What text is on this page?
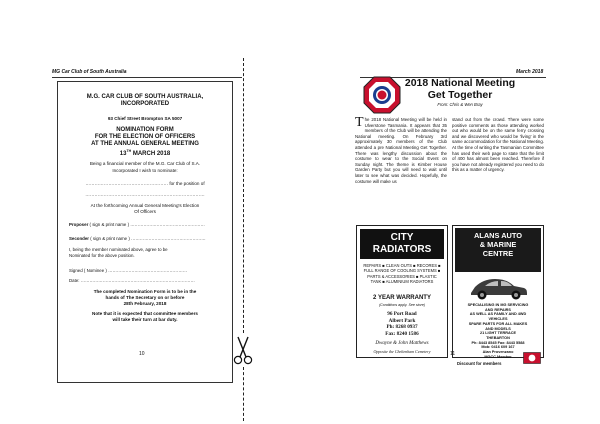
MG Car Club of South Australia
M.G. CAR CLUB OF SOUTH AUSTRALIA,
INCORPORATED
93 Chief Street Brompton SA 5007
NOMINATION FORM
FOR THE ELECTION OF OFFICERS
AT THE ANNUAL GENERAL MEETING
13TH MARCH 2018
Being a financial member of the M.G. Car Club of S.A.
Incorporated I wish to nominate:
……………………………………………… for the position of
……………………………………………………………………
At the forthcoming Annual General Meeting's Election
Of Officers
Proposer ( sign & print name ) ……………………………………………
Seconder ( sign & print name ) ……………………………………………
I, being the member nominated above, agree to be
Nominated for the above position.
Signed ( Nominee ) ………………………………………………
Date: ……………………………………………………………………
The completed Nomination Form is to be in the
hands of The Secretary on or before
28th February, 2018
Note that it is expected that committee members
will take their turn at bar duty.
10
March 2018
2018 National Meeting
Get Together
From: Chris & Wen Bray
T he 2018 National Meeting will be held in Ulverstone Tasmania. It appears that 35 members of the Club will be attending the National meeting. On February 3rd approximately 30 members of the Club attended a pre National Meeting Get Together. There was lengthy discussion about the costume to wear to the Social Event on Sunday night. The theme is Kimber House Garden Party but you will need to wait until later to see what was decided. Hopefully, the costume will make us
stand out from the crowd. There were some positive comments as those attending worked out who would be on the same ferry crossing and we discovered who would be 'living' in the same accommodation for the National Meeting. At the time of writing the Tasmanian Committee has used their web page to state that the limit of 400 has almost been reached. Therefore if you have not already registered you need to do this as a matter of urgency.
CITY
RADIATORS
REPAIRS ■ CLEAN OUTS ■ RECORES ■ FULL RANGE OF COOLING SYSTEMS ■ PARTS & ACCESSORIES ■ PLASTIC TANK ■ ALUMINIUM RADIATORS
2 YEAR WARRANTY
(Conditions apply. See store)
96 Port Road
Albert Park
Ph: 8268 0937
Fax: 8240 1586
Dwayne & John Matthews
Opposite the Cheltenham Cemetery
ALANS AUTO
& MARINE
CENTRE
SPECIALISING IN MG SERVICING
AND REPAIRS
AS WELL AS FAMILY AND 4WD
VEHICLES
SPARE PARTS FOR ALL MAKES
AND MODELS
21 LIGHT TERRACE
THEBARTON
Ph: 8443 8545 Fax: 8443 5588
Mob: 0416 609 167
Alan Provenzano
MGCC Member
Discount for members
11
